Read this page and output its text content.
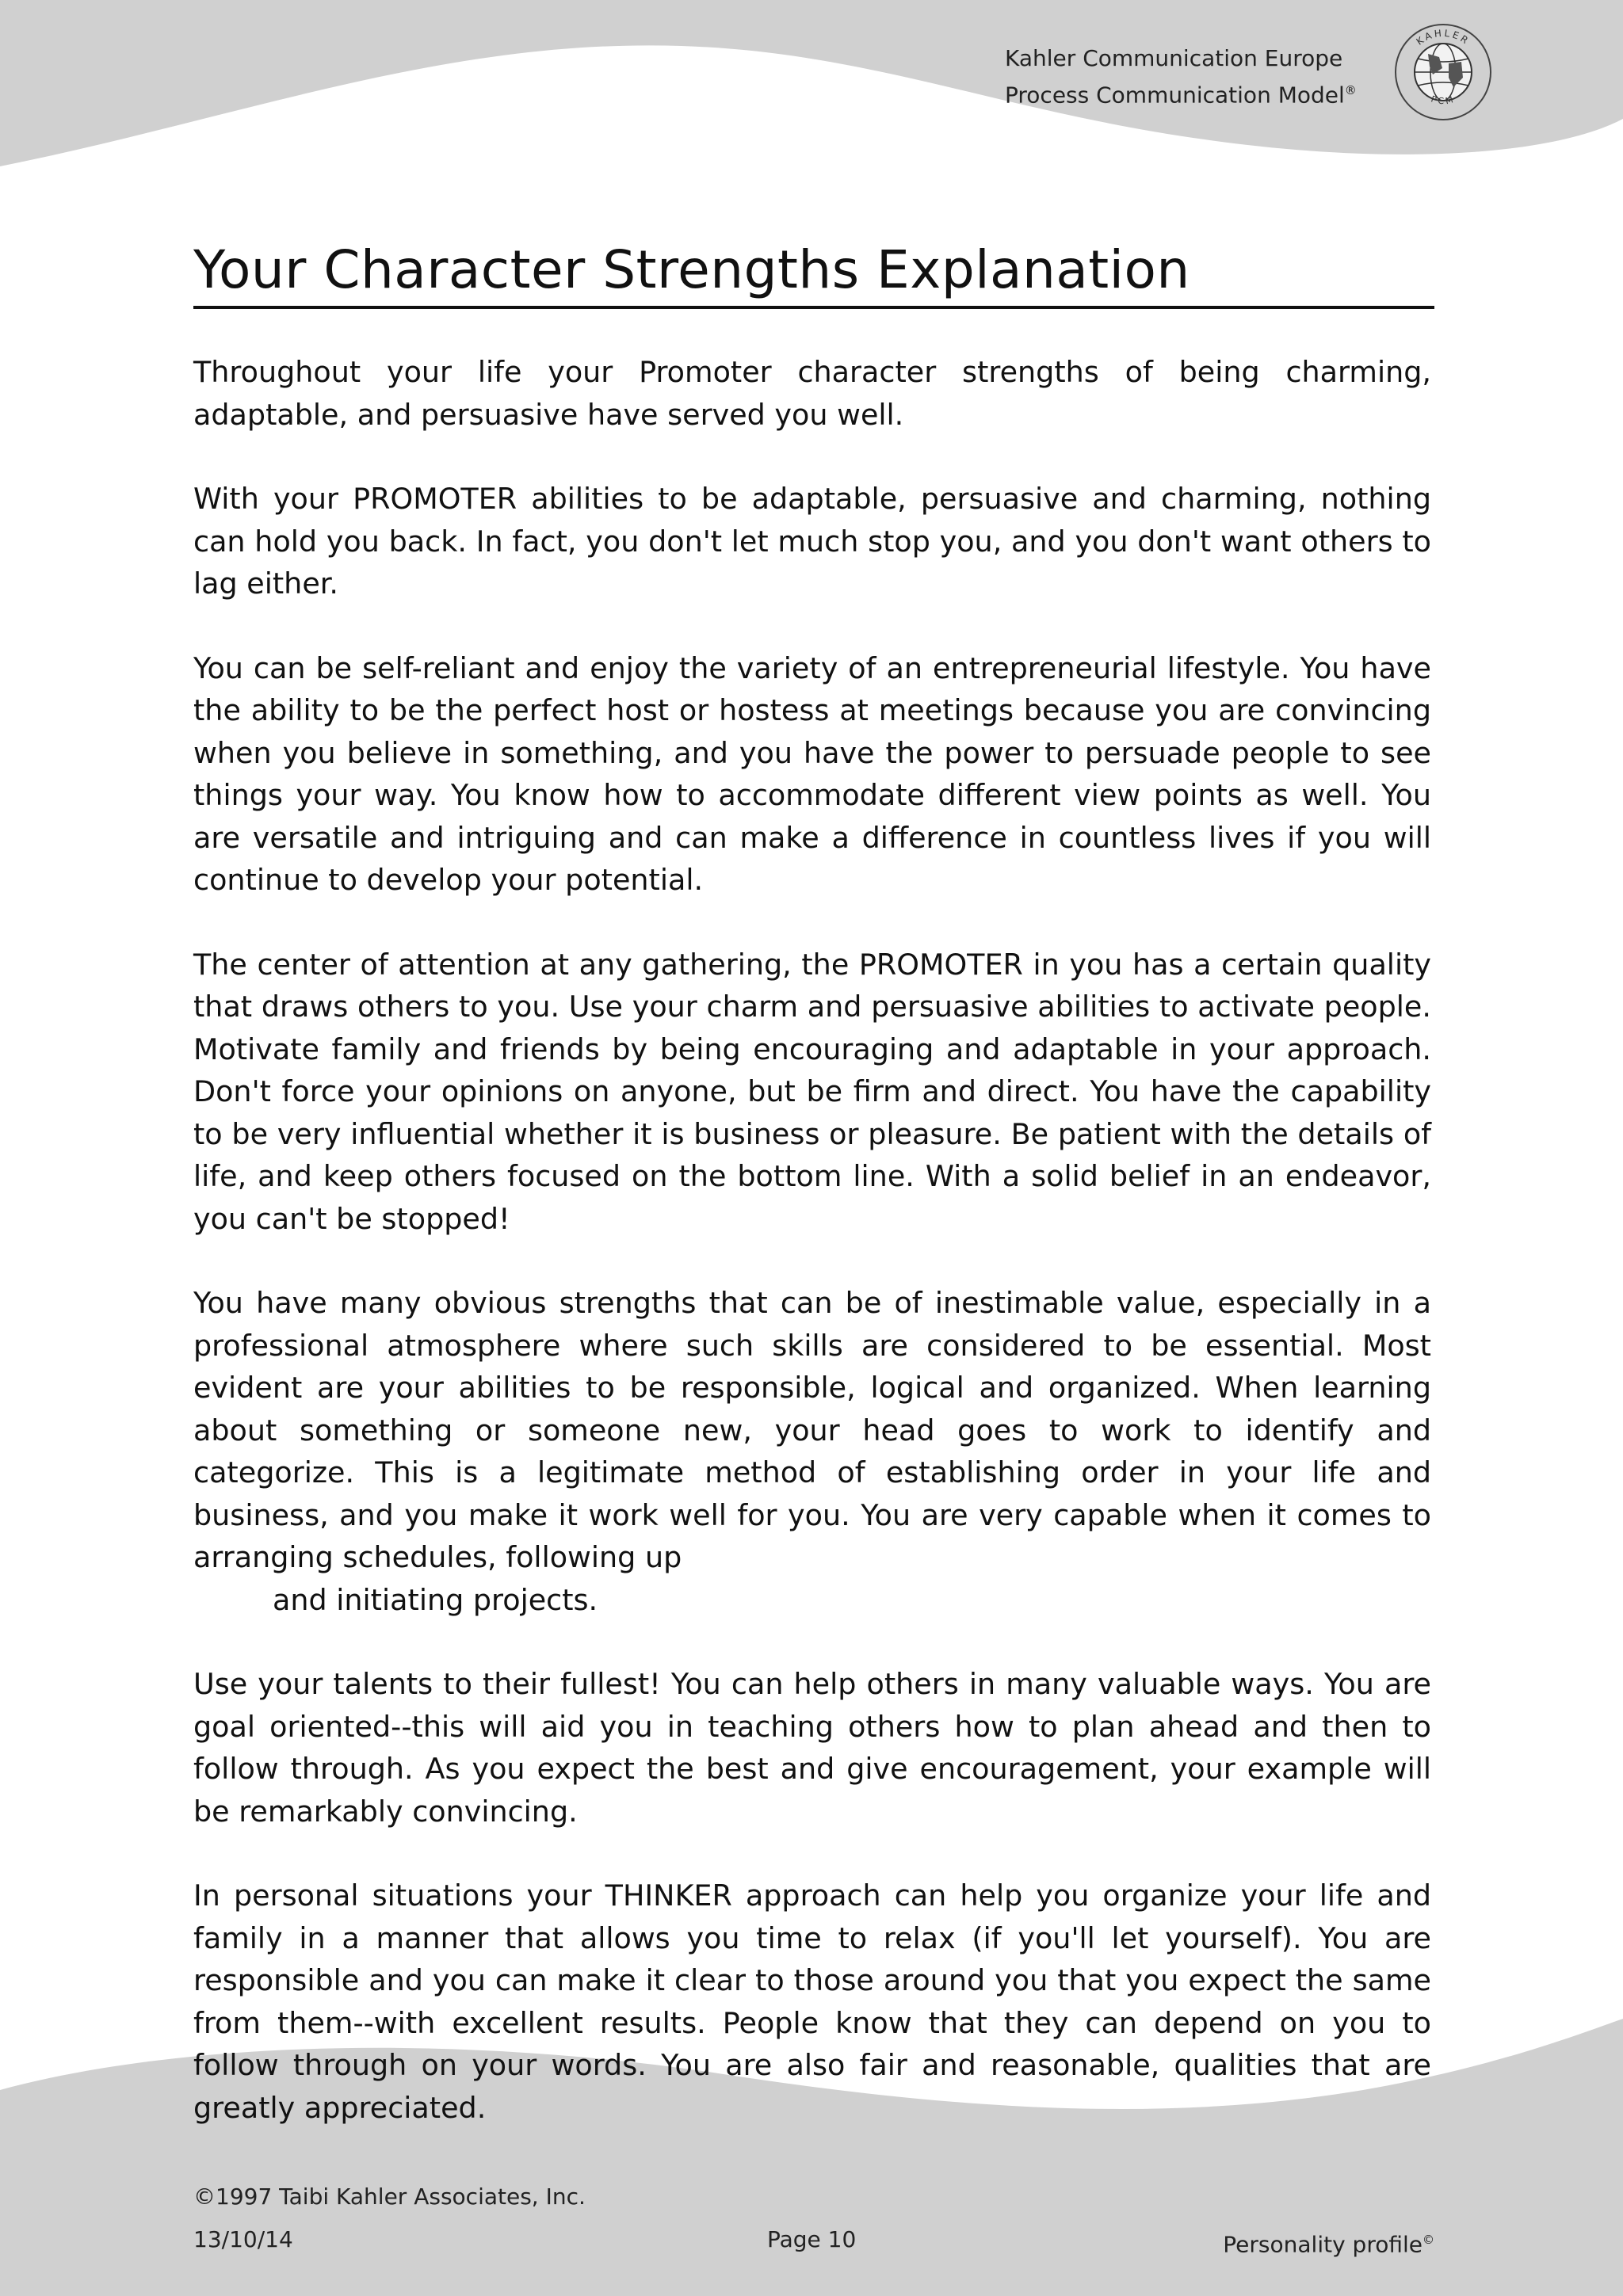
Kahler Communication Europe
Process Communication Model®
KAHLER
PCM
Your Character Strengths Explanation

Throughout your life your Promoter character strengths of being charming, adaptable, and persuasive have served you well.

With your PROMOTER abilities to be adaptable, persuasive and charming, nothing can hold you back. In fact, you don't let much stop you, and you don't want others to lag either.

You can be self-reliant and enjoy the variety of an entrepreneurial lifestyle. You have the ability to be the perfect host or hostess at meetings because you are convincing when you believe in something, and you have the power to persuade people to see things your way. You know how to accommodate different view points as well. You are versatile and intriguing and can make a difference in countless lives if you will continue to develop your potential.

The center of attention at any gathering, the PROMOTER in you has a certain quality that draws others to you. Use your charm and persuasive abilities to activate people. Motivate family and friends by being encouraging and adaptable in your approach. Don't force your opinions on anyone, but be firm and direct. You have the capability to be very influential whether it is business or pleasure. Be patient with the details of life, and keep others focused on the bottom line. With a solid belief in an endeavor, you can't be stopped!

You have many obvious strengths that can be of inestimable value, especially in a professional atmosphere where such skills are considered to be essential. Most evident are your abilities to be responsible, logical and organized. When learning about something or someone new, your head goes to work to identify and categorize. This is a legitimate method of establishing order in your life and business, and you make it work well for you. You are very capable when it comes to arranging schedules, following up
and initiating projects.

Use your talents to their fullest! You can help others in many valuable ways. You are goal oriented--this will aid you in teaching others how to plan ahead and then to follow through. As you expect the best and give encouragement, your example will be remarkably convincing.

In personal situations your THINKER approach can help you organize your life and family in a manner that allows you time to relax (if you'll let yourself). You are responsible and you can make it clear to those around you that you expect the same from them--with excellent results. People know that they can depend on you to follow through on your words. You are also fair and reasonable, qualities that are greatly appreciated.

©1997 Taibi Kahler Associates, Inc.
13/10/14	Page 10	Personality profile©
